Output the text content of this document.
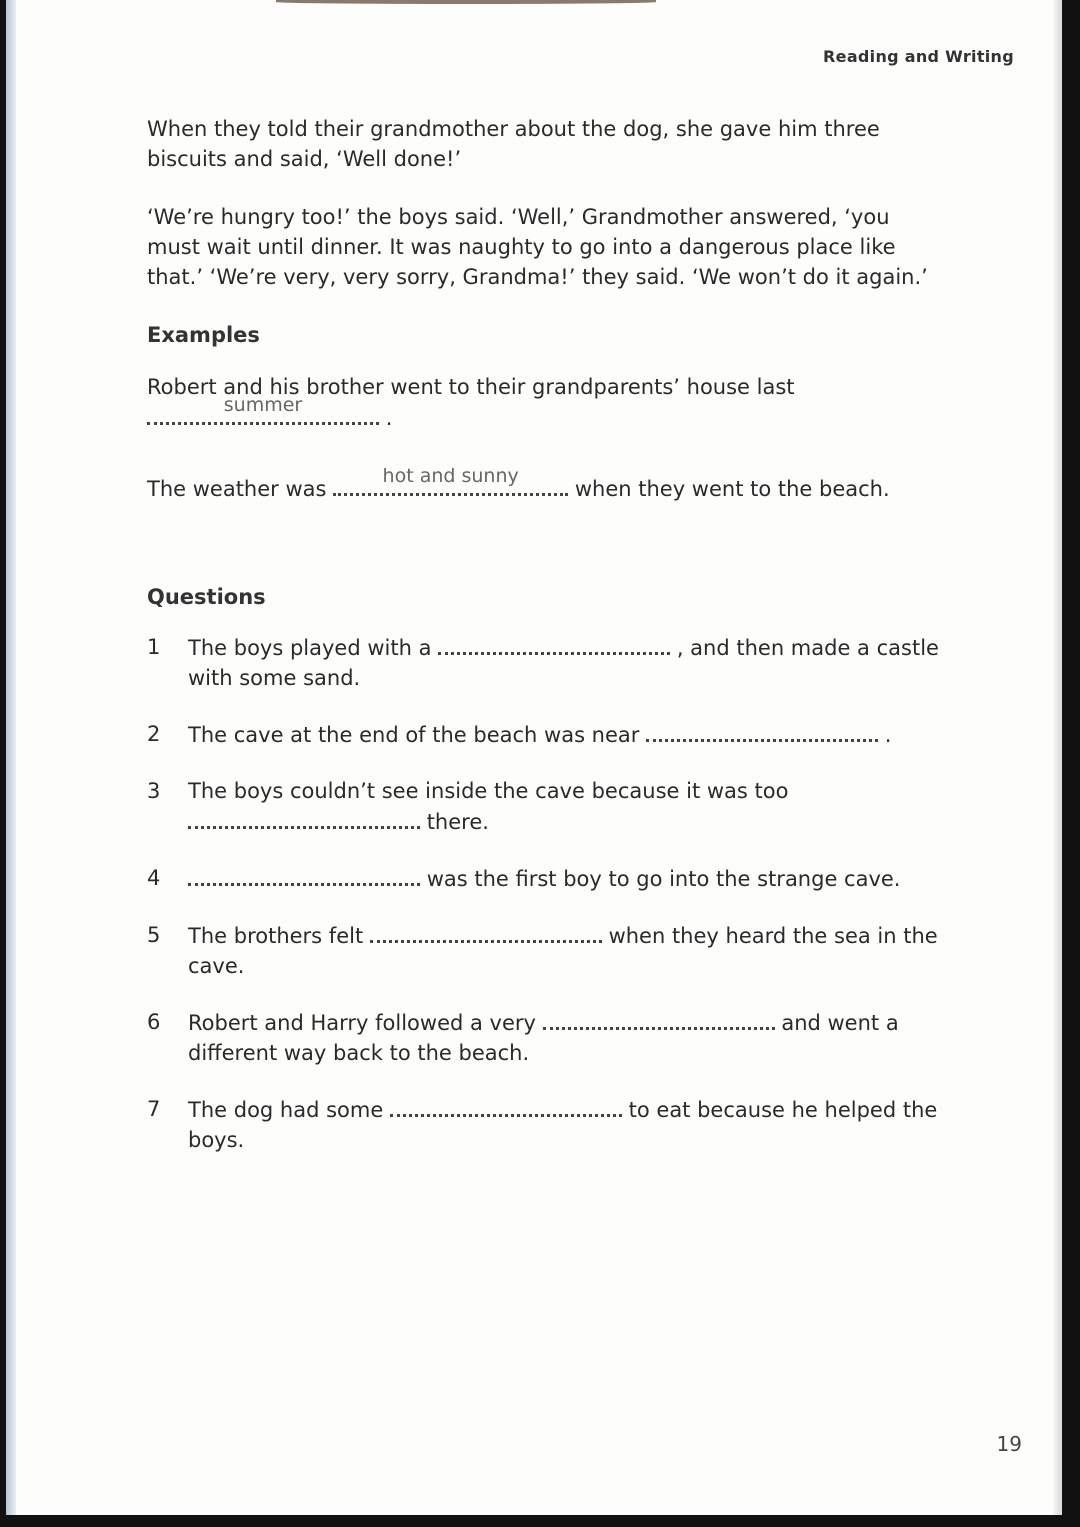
Reading and Writing

When they told their grandmother about the dog, she gave him three biscuits and said, ‘Well done!’

‘We’re hungry too!’ the boys said. ‘Well,’ Grandmother answered, ‘you must wait until dinner. It was naughty to go into a dangerous place like that.’ ‘We’re very, very sorry, Grandma!’ they said. ‘We won’t do it again.’

Examples

Robert and his brother went to their grandparents’ house last

summer
.

The weather was
hot and sunny
when they went to the beach.

Questions
1 The boys played with a	, and then made a castle with some sand.
2 The cave at the end of the beach was near	.
3 The boys couldn’t see inside the cave because it was too
there.
4	was the first boy to go into the strange cave.
5 The brothers felt	when they heard the sea in the cave.
6 Robert and Harry followed a very	and went a different way back to the beach.
7 The dog had some	to eat because he helped the boys.
19
